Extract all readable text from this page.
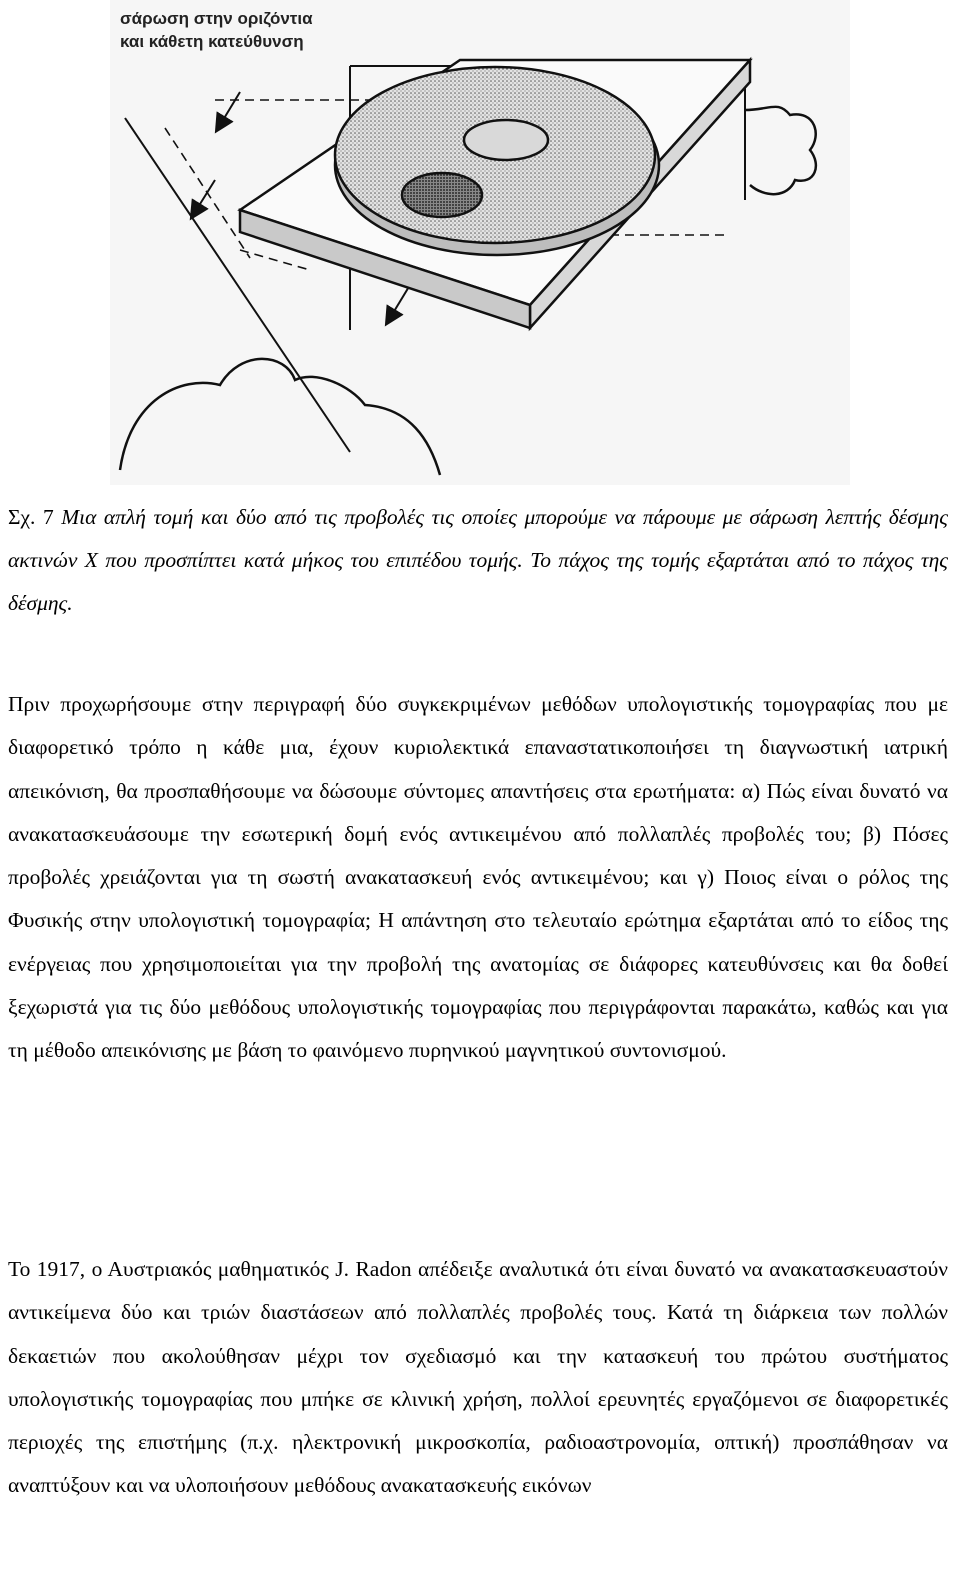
σάρωση στην οριζόντια
και κάθετη κατεύθυνση
Σχ. 7 Μια απλή τομή και δύο από τις προβολές τις οποίες μπορούμε να πάρουμε με σάρωση λεπτής δέσμης ακτινών Χ που προσπίπτει κατά μήκος του επιπέδου τομής. Το πάχος της τομής εξαρτάται από το πάχος της δέσμης.

Πριν προχωρήσουμε στην περιγραφή δύο συγκεκριμένων μεθόδων υπολογιστικής τομογραφίας που με διαφορετικό τρόπο η κάθε μια, έχουν κυριολεκτικά επαναστατικοποιήσει τη διαγνωστική ιατρική απεικόνιση, θα προσπαθήσουμε να δώσουμε σύντομες απαντήσεις στα ερωτήματα: α) Πώς είναι δυνατό να ανακατασκευάσουμε την εσωτερική δομή ενός αντικειμένου από πολλαπλές προβολές του; β) Πόσες προβολές χρειάζονται για τη σωστή ανακατασκευή ενός αντικειμένου; και γ) Ποιος είναι ο ρόλος της Φυσικής στην υπολογιστική τομογραφία; Η απάντηση στο τελευταίο ερώτημα εξαρτάται από το είδος της ενέργειας που χρησιμοποιείται για την προβολή της ανατομίας σε διάφορες κατευθύνσεις και θα δοθεί ξεχωριστά για τις δύο μεθόδους υπολογιστικής τομογραφίας που περιγράφονται παρακάτω, καθώς και για τη μέθοδο απεικόνισης με βάση το φαινόμενο πυρηνικού μαγνητικού συντονισμού.

Το 1917, ο Αυστριακός μαθηματικός J. Radon απέδειξε αναλυτικά ότι είναι δυνατό να ανακατασκευαστούν αντικείμενα δύο και τριών διαστάσεων από πολλαπλές προβολές τους. Κατά τη διάρκεια των πολλών δεκαετιών που ακολούθησαν μέχρι τον σχεδιασμό και την κατασκευή του πρώτου συστήματος υπολογιστικής τομογραφίας που μπήκε σε κλινική χρήση, πολλοί ερευνητές εργαζόμενοι σε διαφορετικές περιοχές της επιστήμης (π.χ. ηλεκτρονική μικροσκοπία, ραδιοαστρονομία, οπτική) προσπάθησαν να αναπτύξουν και να υλοποιήσουν μεθόδους ανακατασκευής εικόνων
